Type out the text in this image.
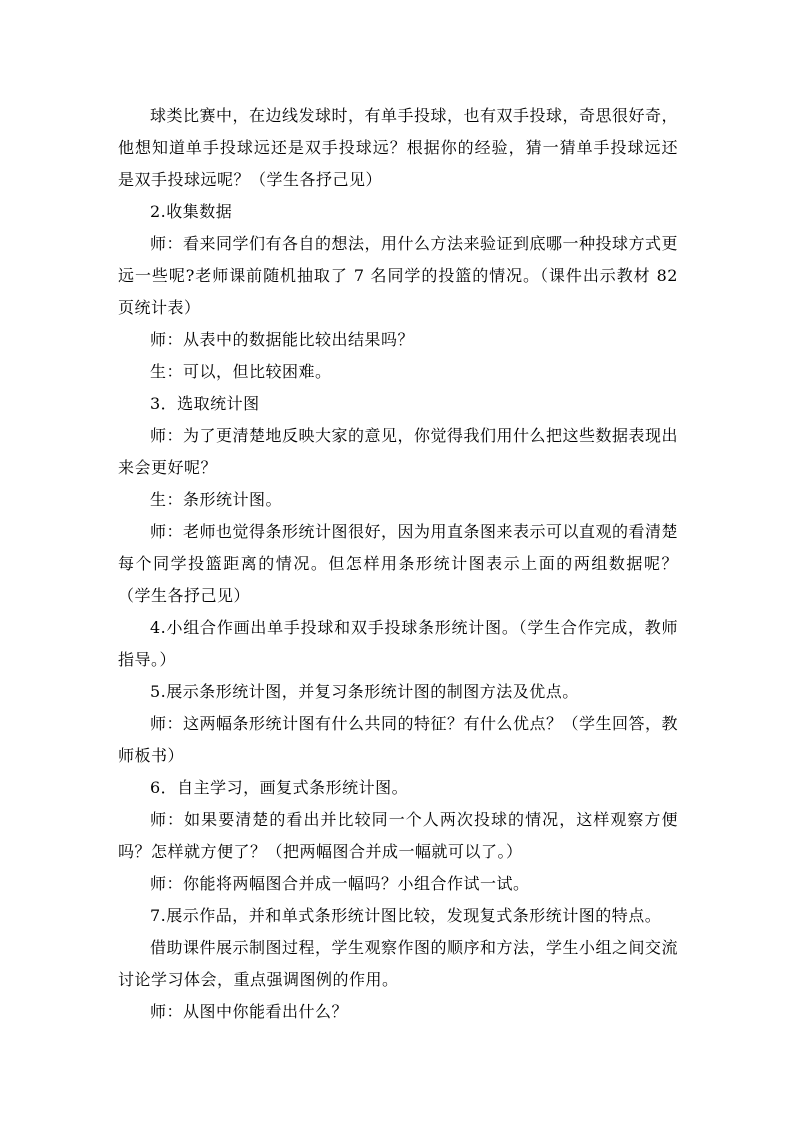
球类比赛中，在边线发球时，有单手投球，也有双手投球，奇思很好奇，他想知道单手投球远还是双手投球远？根据你的经验，猜一猜单手投球远还是双手投球远呢？（学生各抒己见）

2.收集数据

师：看来同学们有各自的想法，用什么方法来验证到底哪一种投球方式更远一些呢?老师课前随机抽取了 7 名同学的投篮的情况。（课件出示教材 82 页统计表）

师：从表中的数据能比较出结果吗？

生：可以，但比较困难。

3．选取统计图

师：为了更清楚地反映大家的意见，你觉得我们用什么把这些数据表现出来会更好呢？

生：条形统计图。

师：老师也觉得条形统计图很好，因为用直条图来表示可以直观的看清楚每个同学投篮距离的情况。但怎样用条形统计图表示上面的两组数据呢？（学生各抒己见）

4.小组合作画出单手投球和双手投球条形统计图。（学生合作完成，教师指导。）

5.展示条形统计图，并复习条形统计图的制图方法及优点。

师：这两幅条形统计图有什么共同的特征？有什么优点？（学生回答，教师板书）

6．自主学习，画复式条形统计图。

师：如果要清楚的看出并比较同一个人两次投球的情况，这样观察方便吗？怎样就方便了？（把两幅图合并成一幅就可以了。）

师：你能将两幅图合并成一幅吗？小组合作试一试。

7.展示作品，并和单式条形统计图比较，发现复式条形统计图的特点。

借助课件展示制图过程，学生观察作图的顺序和方法，学生小组之间交流讨论学习体会，重点强调图例的作用。

师：从图中你能看出什么？
